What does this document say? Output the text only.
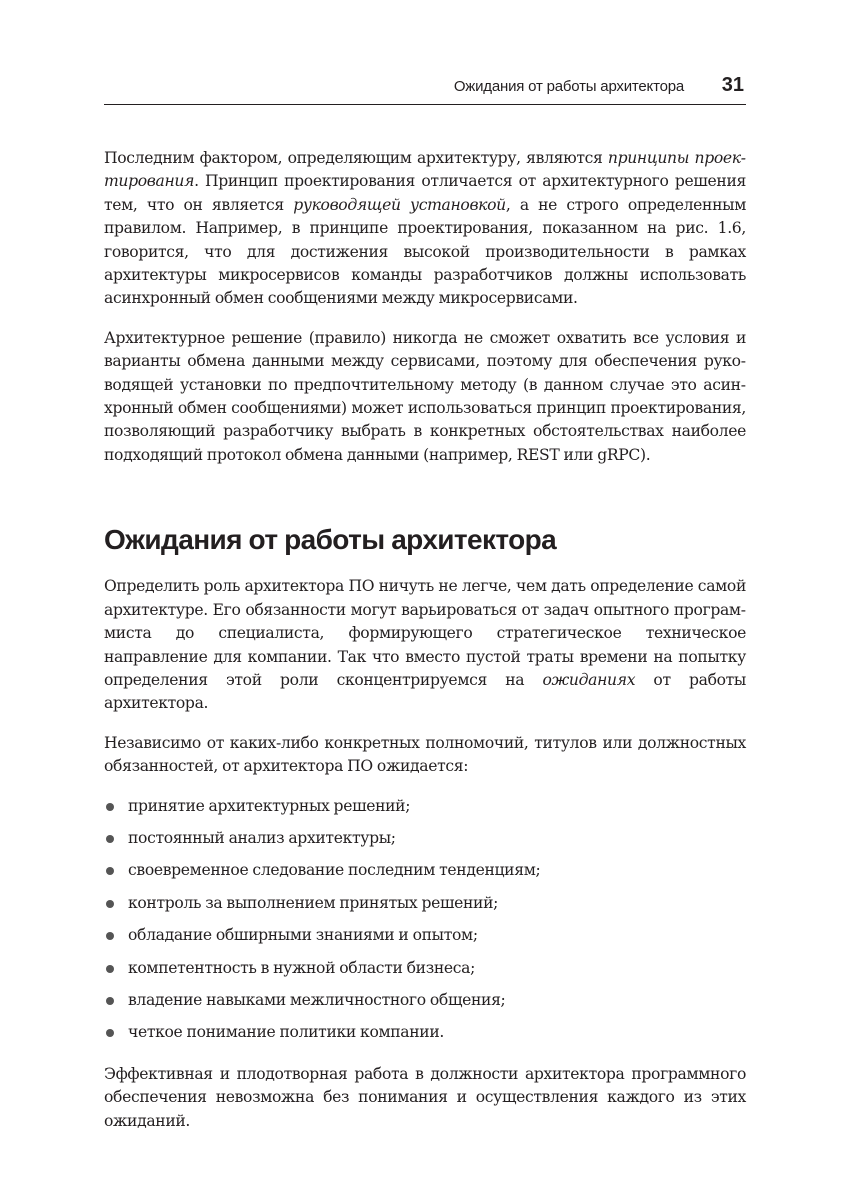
Ожидания от работы архитектора 31

Последним фактором, определяющим архитектуру, являются принципы проектирования. Принцип проектирования отличается от архитектурного решения тем, что он является руководящей установкой, а не строго определенным правилом. Например, в принципе проектирования, показанном на рис. 1.6, говорится, что для достижения высокой производительности в рамках архитектуры микросервисов команды разработчиков должны использовать асинхронный обмен сообщениями между микросервисами.

Архитектурное решение (правило) никогда не сможет охватить все условия и варианты обмена данными между сервисами, поэтому для обеспечения руководящей установки по предпочтительному методу (в данном случае это асинхронный обмен сообщениями) может использоваться принцип проектирования, позволяющий разработчику выбрать в конкретных обстоятельствах наиболее подходящий протокол обмена данными (например, REST или gRPC).

Ожидания от работы архитектора

Определить роль архитектора ПО ничуть не легче, чем дать определение самой архитектуре. Его обязанности могут варьироваться от задач опытного программиста до специалиста, формирующего стратегическое техническое направление для компании. Так что вместо пустой траты времени на попытку определения этой роли сконцентрируемся на ожиданиях от работы архитектора.

Независимо от каких-либо конкретных полномочий, титулов или должностных обязанностей, от архитектора ПО ожидается:

принятие архитектурных решений;
постоянный анализ архитектуры;
своевременное следование последним тенденциям;
контроль за выполнением принятых решений;
обладание обширными знаниями и опытом;
компетентность в нужной области бизнеса;
владение навыками межличностного общения;
четкое понимание политики компании.

Эффективная и плодотворная работа в должности архитектора программного обеспечения невозможна без понимания и осуществления каждого из этих ожиданий.
